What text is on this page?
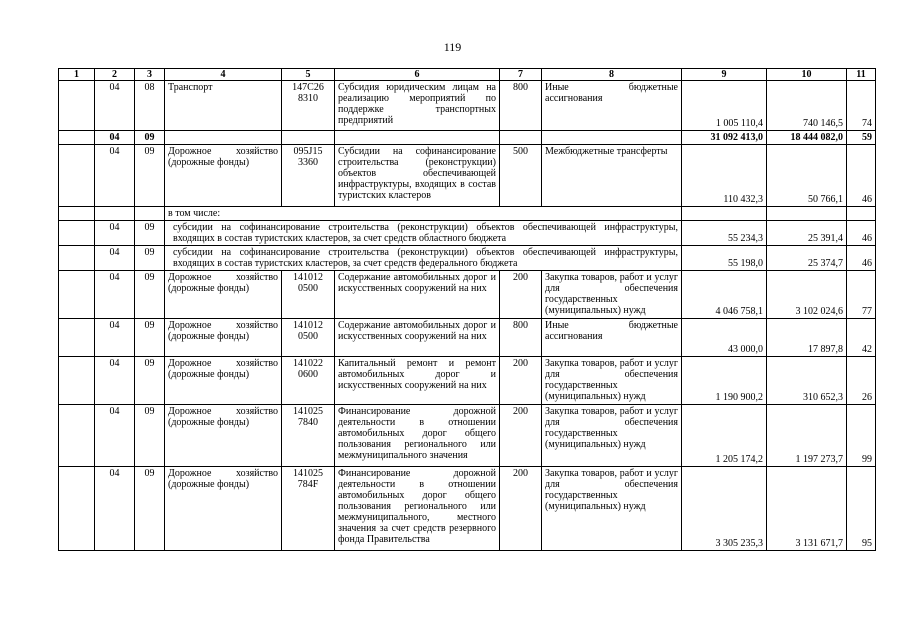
119
1	2	3	4	5	6	7	8	9	10	11
	04	08	Транспорт	147C26 8310	Субсидия юридическим лицам на реализацию мероприятий по поддержке транспортных предприятий	800	Иные бюджетные ассигнования	1 005 110,4	740 146,5	74
	04	09						31 092 413,0	18 444 082,0	59
	04	09	Дорожное хозяйство (дорожные фонды)	095J15 3360	Субсидии на софинансирование строительства (реконструкции) объектов обеспечивающей инфраструктуры, входящих в состав туристских кластеров	500	Межбюджетные трансферты	110 432,3	50 766,1	46
			в том числе:							
	04	09	субсидии на софинансирование строительства (реконструкции) объектов обеспечивающей инфраструктуры, входящих в состав туристских кластеров, за счет средств областного бюджета					55 234,3	25 391,4	46
	04	09	субсидии на софинансирование строительства (реконструкции) объектов обеспечивающей инфраструктуры, входящих в состав туристских кластеров, за счет средств федерального бюджета					55 198,0	25 374,7	46
	04	09	Дорожное хозяйство (дорожные фонды)	141012 0500	Содержание автомобильных дорог и искусственных сооружений на них	200	Закупка товаров, работ и услуг для обеспечения государственных (муниципальных) нужд	4 046 758,1	3 102 024,6	77
	04	09	Дорожное хозяйство (дорожные фонды)	141012 0500	Содержание автомобильных дорог и искусственных сооружений на них	800	Иные бюджетные ассигнования	43 000,0	17 897,8	42
	04	09	Дорожное хозяйство (дорожные фонды)	141022 0600	Капитальный ремонт и ремонт автомобильных дорог и искусственных сооружений на них	200	Закупка товаров, работ и услуг для обеспечения государственных (муниципальных) нужд	1 190 900,2	310 652,3	26
	04	09	Дорожное хозяйство (дорожные фонды)	141025 7840	Финансирование дорожной деятельности в отношении автомобильных дорог общего пользования регионального или межмуниципального значения	200	Закупка товаров, работ и услуг для обеспечения государственных (муниципальных) нужд	1 205 174,2	1 197 273,7	99
	04	09	Дорожное хозяйство (дорожные фонды)	141025 784F	Финансирование дорожной деятельности в отношении автомобильных дорог общего пользования регионального или межмуниципального, местного значения за счет средств резервного фонда Правительства	200	Закупка товаров, работ и услуг для обеспечения государственных (муниципальных) нужд	3 305 235,3	3 131 671,7	95
